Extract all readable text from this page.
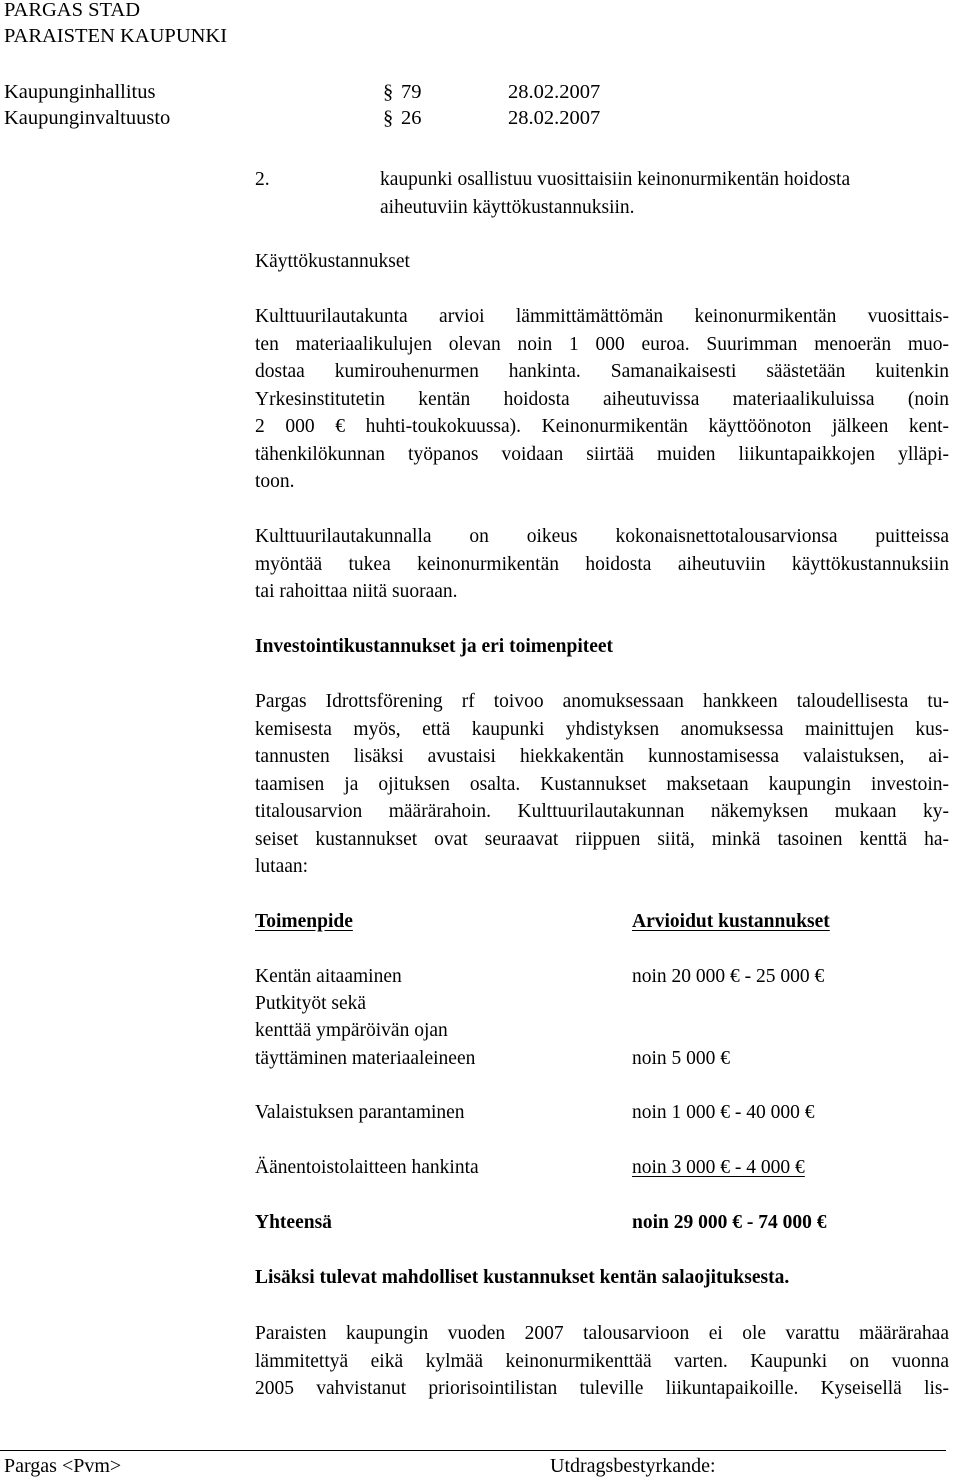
PARGAS STAD
PARAISTEN KAUPUNKI
Kaupunginhallitus	§ 79	28.02.2007
Kaupunginvaltuusto	§ 26	28.02.2007
2.	kaupunki osallistuu vuosittaisiin keinonurmikentän hoidosta
aiheutuviin käyttökustannuksiin.
Käyttökustannukset
Kulttuurilautakunta arvioi lämmittämättömän keinonurmikentän vuosittais-
ten materiaalikulujen olevan noin 1 000 euroa. Suurimman menoerän muo-
dostaa kumirouhenurmen hankinta. Samanaikaisesti säästetään kuitenkin
Yrkesinstitutetin kentän hoidosta aiheutuvissa materiaalikuluissa (noin
2 000 € huhti-toukokuussa). Keinonurmikentän käyttöönoton jälkeen kent-
tähenkilökunnan työpanos voidaan siirtää muiden liikuntapaikkojen ylläpi-
toon.
Kulttuurilautakunnalla on oikeus kokonaisnettotalousarvionsa puitteissa
myöntää tukea keinonurmikentän hoidosta aiheutuviin käyttökustannuksiin
tai rahoittaa niitä suoraan.
Investointikustannukset ja eri toimenpiteet
Pargas Idrottsförening rf toivoo anomuksessaan hankkeen taloudellisesta tu-
kemisesta myös, että kaupunki yhdistyksen anomuksessa mainittujen kus-
tannusten lisäksi avustaisi hiekkakentän kunnostamisessa valaistuksen, ai-
taamisen ja ojituksen osalta. Kustannukset maksetaan kaupungin investoin-
titalousarvion määrärahoin. Kulttuurilautakunnan näkemyksen mukaan ky-
seiset kustannukset ovat seuraavat riippuen siitä, minkä tasoinen kenttä ha-
lutaan:
Toimenpide	Arvioidut kustannukset
Kentän aitaaminen	noin 20 000 € - 25 000 €
Putkityöt sekä
kenttää ympäröivän ojan
täyttäminen materiaaleineen	noin 5 000 €
Valaistuksen parantaminen	noin 1 000 € - 40 000 €
Äänentoistolaitteen hankinta	noin 3 000 € - 4 000 €
Yhteensä	noin 29 000 € - 74 000 €
Lisäksi tulevat mahdolliset kustannukset kentän salaojituksesta.
Paraisten kaupungin vuoden 2007 talousarvioon ei ole varattu määrärahaa
lämmitettyä eikä kylmää keinonurmikenttää varten. Kaupunki on vuonna
2005 vahvistanut priorisointilistan tuleville liikuntapaikoille. Kyseisellä lis-
Pargas <Pvm>	Utdragsbestyrkande:
